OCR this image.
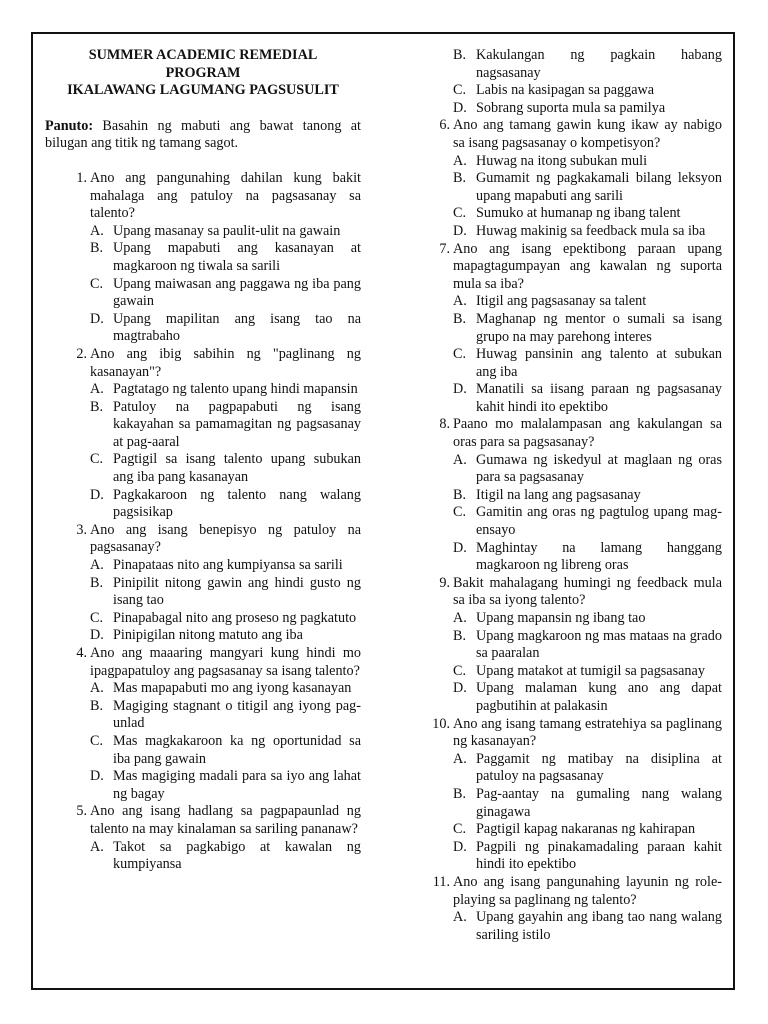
SUMMER ACADEMIC REMEDIAL PROGRAM
IKALAWANG LAGUMANG PAGSUSULIT
Panuto: Basahin ng mabuti ang bawat tanong at bilugan ang titik ng tamang sagot.
1. Ano ang pangunahing dahilan kung bakit mahalaga ang patuloy na pagsasanay sa talento?
A. Upang masanay sa paulit-ulit na gawain
B. Upang mapabuti ang kasanayan at magkaroon ng tiwala sa sarili
C. Upang maiwasan ang paggawa ng iba pang gawain
D. Upang mapilitan ang isang tao na magtrabaho
2. Ano ang ibig sabihin ng "paglinang ng kasanayan"?
A. Pagtatago ng talento upang hindi mapansin
B. Patuloy na pagpapabuti ng isang kakayahan sa pamamagitan ng pagsasanay at pag-aaral
C. Pagtigil sa isang talento upang subukan ang iba pang kasanayan
D. Pagkakaroon ng talento nang walang pagsisikap
3. Ano ang isang benepisyo ng patuloy na pagsasanay?
A. Pinapataas nito ang kumpiyansa sa sarili
B. Pinipilit nitong gawin ang hindi gusto ng isang tao
C. Pinapabagal nito ang proseso ng pagkatuto
D. Pinipigilan nitong matuto ang iba
4. Ano ang maaaring mangyari kung hindi mo ipagpapatuloy ang pagsasanay sa isang talento?
A. Mas mapapabuti mo ang iyong kasanayan
B. Magiging stagnant o titigil ang iyong pag-unlad
C. Mas magkakaroon ka ng oportunidad sa iba pang gawain
D. Mas magiging madali para sa iyo ang lahat ng bagay
5. Ano ang isang hadlang sa pagpapaunlad ng talento na may kinalaman sa sariling pananaw?
A. Takot sa pagkabigo at kawalan ng kumpiyansa
B. Kakulangan ng pagkain habang nagsasanay
C. Labis na kasipagan sa paggawa
D. Sobrang suporta mula sa pamilya
6. Ano ang tamang gawin kung ikaw ay nabigo sa isang pagsasanay o kompetisyon?
A. Huwag na itong subukan muli
B. Gumamit ng pagkakamali bilang leksyon upang mapabuti ang sarili
C. Sumuko at humanap ng ibang talent
D. Huwag makinig sa feedback mula sa iba
7. Ano ang isang epektibong paraan upang mapagtagumpayan ang kawalan ng suporta mula sa iba?
A. Itigil ang pagsasanay sa talent
B. Maghanap ng mentor o sumali sa isang grupo na may parehong interes
C. Huwag pansinin ang talento at subukan ang iba
D. Manatili sa iisang paraan ng pagsasanay kahit hindi ito epektibo
8. Paano mo malalampasan ang kakulangan sa oras para sa pagsasanay?
A. Gumawa ng iskedyul at maglaan ng oras para sa pagsasanay
B. Itigil na lang ang pagsasanay
C. Gamitin ang oras ng pagtulog upang mag-ensayo
D. Maghintay na lamang hanggang magkaroon ng libreng oras
9. Bakit mahalagang humingi ng feedback mula sa iba sa iyong talento?
A. Upang mapansin ng ibang tao
B. Upang magkaroon ng mas mataas na grado sa paaralan
C. Upang matakot at tumigil sa pagsasanay
D. Upang malaman kung ano ang dapat pagbutihin at palakasin
10. Ano ang isang tamang estratehiya sa paglinang ng kasanayan?
A. Paggamit ng matibay na disiplina at patuloy na pagsasanay
B. Pag-aantay na gumaling nang walang ginagawa
C. Pagtigil kapag nakaranas ng kahirapan
D. Pagpili ng pinakamadaling paraan kahit hindi ito epektibo
11. Ano ang isang pangunahing layunin ng role-playing sa paglinang ng talento?
A. Upang gayahin ang ibang tao nang walang sariling istilo
